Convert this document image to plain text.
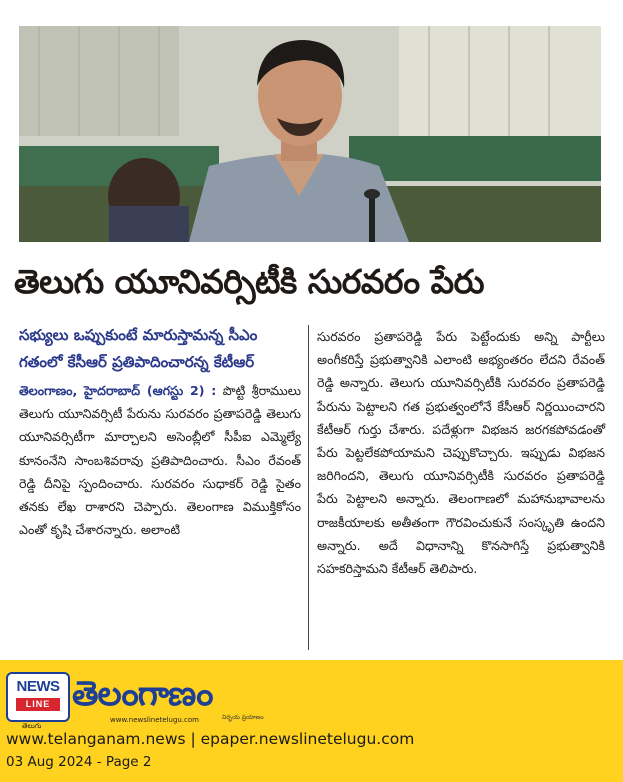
తెలుగు యూనివర్సిటీకి సురవరం పేరు

సభ్యులు ఒప్పుకుంటే మారుస్తామన్న సీఎం

గతంలో కేసీఆర్ ప్రతిపాదించారన్న కేటీఆర్

తెలంగాణం, హైదరాబాద్ (ఆగస్టు 2) : పొట్టి శ్రీరాములు తెలుగు యూనివర్సిటీ పేరును సురవరం ప్రతాపరెడ్డి తెలుగు యూనివర్సిటీగా మార్చాలని అసెంబ్లీలో సీపీఐ ఎమ్మెల్యే కూనంనేని సాంబశివరావు ప్రతిపాదించారు. సీఎం రేవంత్ రెడ్డి దీనిపై స్పందించారు. సురవరం సుధాకర్ రెడ్డి సైతం తనకు లేఖ రాశారని చెప్పారు. తెలంగాణ విముక్తికోసం ఎంతో కృషి చేశారన్నారు. అలాంటి

సురవరం ప్రతాపరెడ్డి పేరు పెట్టేందుకు అన్ని పార్టీలు అంగీకరిస్తే ప్రభుత్వానికి ఎలాంటి అభ్యంతరం లేదని రేవంత్ రెడ్డి అన్నారు. తెలుగు యూనివర్సిటీకి సురవరం ప్రతాపరెడ్డి పేరును పెట్టాలని గత ప్రభుత్వంలోనే కేసీఆర్ నిర్ణయించారని కేటీఆర్ గుర్తు చేశారు. పదేళ్లుగా విభజన జరగకపోవడంతో పేరు పెట్టలేకపోయామని చెప్పుకొచ్చారు. ఇప్పుడు విభజన జరిగిందని, తెలుగు యూనివర్సిటీకి సురవరం ప్రతాపరెడ్డి పేరు పెట్టాలని అన్నారు. తెలంగాణలో మహానుభావాలను రాజకీయాలకు అతీతంగా గౌరవించుకునే సంస్కృతి ఉందని అన్నారు. అదే విధానాన్ని కొనసాగిస్తే ప్రభుత్వానికి సహకరిస్తామని కేటీఆర్ తెలిపారు.

NEWS
LINE
తెలుగు
తెలంగాణం
www.newslinetelugu.com	నిర్భయ ప్రయాణం
www.telanganam.news | epaper.newslinetelugu.com
03 Aug 2024 - Page 2
